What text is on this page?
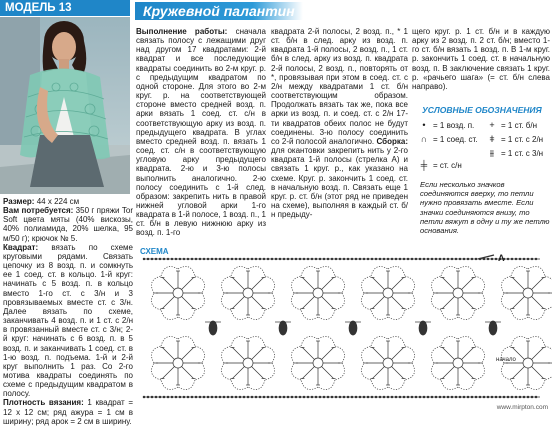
МОДЕЛЬ 13	Кружевной палантин
Размер: 44 х 224 см
Вам потребуется: 350 г пряжи Tor Soft цвета мяты (40% вискозы, 40% полиамида, 20% шелка, 95 м/50 г); крючок № 5.
Квадрат: вязать по схеме круговыми рядами. Связать цепочку из 8 возд. п. и сомкнуть ее 1 соед. ст. в кольцо. 1-й круг: начинать с 5 возд. п. в кольцо вместо 1-го ст. с 3/н и 3 провязываемых вместе ст. с 3/н. Далее вязать по схеме, заканчивать 4 возд. п. и 1 ст. с 2/н в провязанный вместе ст. с 3/н; 2-й круг: начинать с 6 возд. п. в 5 возд. п. и заканчивать 1 соед. ст. в 1-ю возд. п. подъема. 1-й и 2-й круг выполнить 1 раз. Со 2-го мотива квадраты соединять по схеме с предыдущим квадратом в полосу.
Плотность вязания: 1 квадрат = 12 х 12 см; ряд ажура = 1 см в ширину; ряд арок = 2 см в ширину.
Выполнение работы: сначала связать полосу с лежащими друг над другом 17 квадратами: 2-й квадрат и все последующие квадраты соединить во 2-м круг. р. с предыдущим квадратом по одной стороне. Для этого во 2-м круг. р. на соответствующей стороне вместо средней возд. п. арки вязать 1 соед. ст. с/н в соответствующую арку из возд. п. предыдущего квадрата. В углах вместо средней возд. п. вязать 1 соед. ст. с/н в соответствующую угловую арку предыдущего квадрата. 2-ю и 3-ю полосы выполнить аналогично. 2-ю полосу соединить с 1-й след. образом: закрепить нить в правой нижней угловой арки 1-го квадрата в 1-й полосе, 1 возд. п., 1 ст. б/н в левую нижнюю арку из возд. п. 1-го
квадрата 2-й полосы, 2 возд. п., * 1 ст. б/н в след. арку из возд. п. квадрата 1-й полосы, 2 возд. п., 1 ст. б/н в след. арку из возд. п. квадрата 2-й полосы, 2 возд. п., повторять от *, провязывая при этом в соед. ст. с 2/н между квадратами 1 ст. б/н соответствующим образом. Продолжать вязать так же, пока все арки из возд. п. и соед. ст. с 2/н 17-ти квадратов обеих полос не будут соединены. 3-ю полосу соединить со 2-й полосой аналогично. Сборка: для окантовки закрепить нить у 2-го квадрата 1-й полосы (стрелка А) и связать 1 круг. р., как указано на схеме. Круг. р. закончить 1 соед. ст. в начальную возд. п. Связать еще 1 круг. р. ст. б/н (этот ряд не приведен на схеме), выполняя в каждый ст. б/н предыду-
щего круг. р. 1 ст. б/н и в каждую арку из 2 возд. п. 2 ст. б/н; вместо 1-го ст. б/н вязать 1 возд. п. В 1-м круг. р. закончить 1 соед. ст. в начальную возд. п. В заключение связать 1 круг. р. «рачьего шага» (= ст. б/н слева направо).
УСЛОВНЫЕ ОБОЗНАЧЕНИЯ
• = 1 возд. п.	+ = 1 ст. б/н
∩ = 1 соед. ст.	ǂ = 1 ст. с 2/н
⫵ = 1 ст. с 3/н
╪ = ст. с/н
Если несколько значков соединяются вверху, то петли нужно провязать вместе. Если значки соединяются внизу, то петли вяжут в одну и ту же петлю основания.
СХЕМА
А
начало
www.mirpton.com
